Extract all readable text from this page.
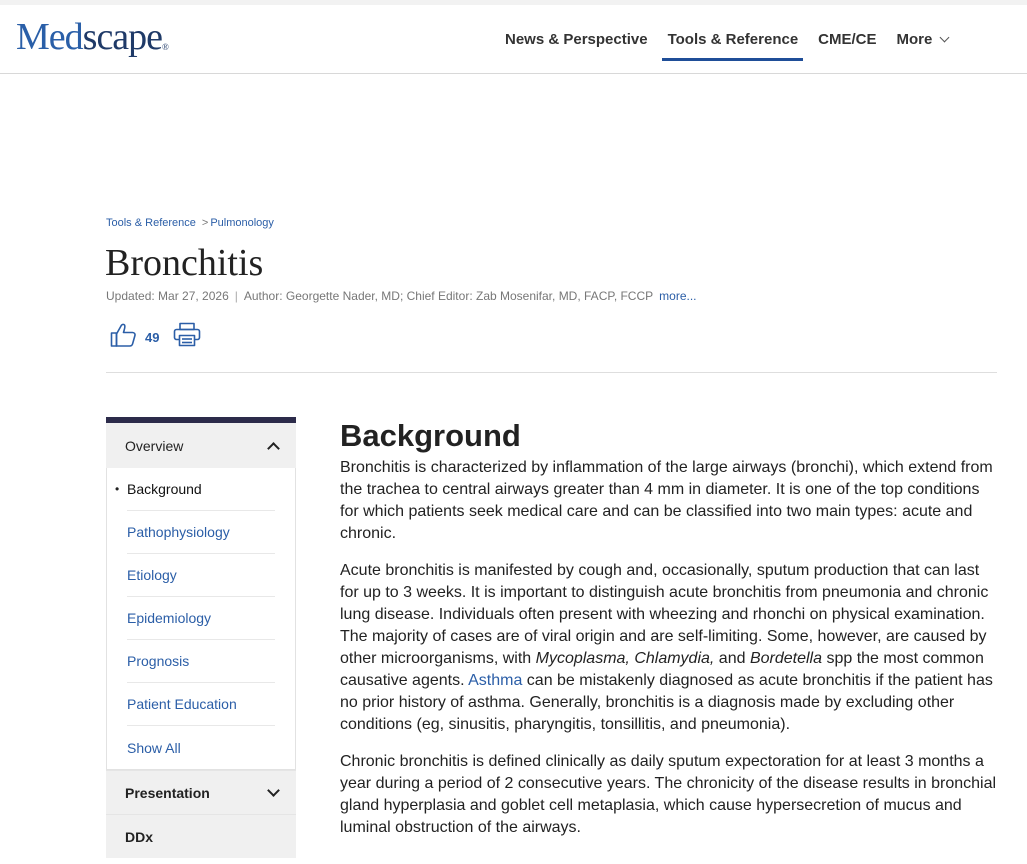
Medscape®	News & Perspective Tools & Reference CME/CE More
Tools & Reference > Pulmonology
Bronchitis
Updated: Mar 27, 2026 | Author: Georgette Nader, MD; Chief Editor: Zab Mosenifar, MD, FACP, FCCP more...
49
Overview
• Background
Pathophysiology
Etiology
Epidemiology
Prognosis
Patient Education
Show All
Presentation
DDx
Background

Bronchitis is characterized by inflammation of the large airways (bronchi), which extend from the trachea to central airways greater than 4 mm in diameter. It is one of the top conditions for which patients seek medical care and can be classified into two main types: acute and chronic.

Acute bronchitis is manifested by cough and, occasionally, sputum production that can last for up to 3 weeks. It is important to distinguish acute bronchitis from pneumonia and chronic lung disease. Individuals often present with wheezing and rhonchi on physical examination. The majority of cases are of viral origin and are self-limiting. Some, however, are caused by other microorganisms, with Mycoplasma, Chlamydia, and Bordetella spp the most common causative agents. Asthma can be mistakenly diagnosed as acute bronchitis if the patient has no prior history of asthma. Generally, bronchitis is a diagnosis made by excluding other conditions (eg, sinusitis, pharyngitis, tonsillitis, and pneumonia).

Chronic bronchitis is defined clinically as daily sputum expectoration for at least 3 months a year during a period of 2 consecutive years. The chronicity of the disease results in bronchial gland hyperplasia and goblet cell metaplasia, which cause hypersecretion of mucus and luminal obstruction of the airways.
